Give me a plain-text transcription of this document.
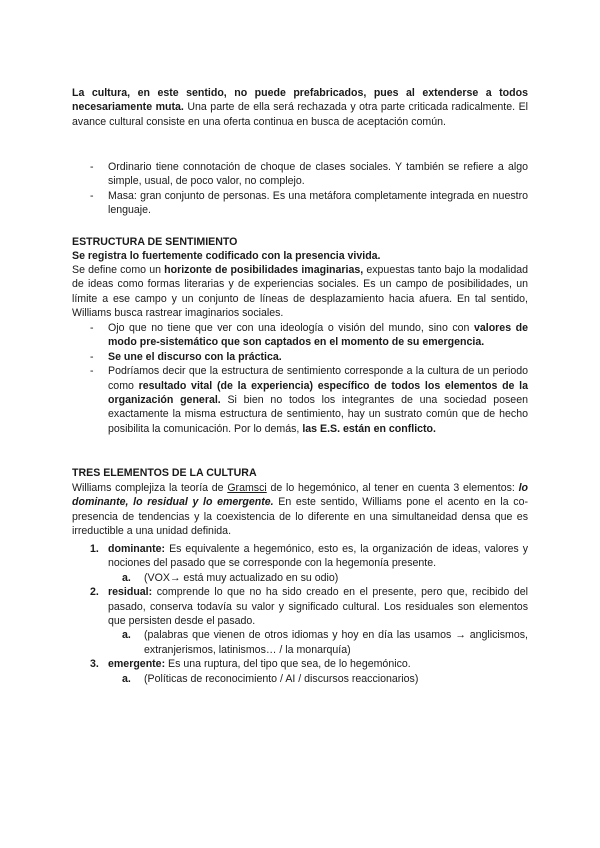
La cultura, en este sentido, no puede prefabricados, pues al extenderse a todos necesariamente muta. Una parte de ella será rechazada y otra parte criticada radicalmente. El avance cultural consiste en una oferta continua en busca de aceptación común.

- Ordinario tiene connotación de choque de clases sociales. Y también se refiere a algo simple, usual, de poco valor, no complejo.
- Masa: gran conjunto de personas. Es una metáfora completamente integrada en nuestro lenguaje.
ESTRUCTURA DE SENTIMIENTO
Se registra lo fuertemente codificado con la presencia vivida.

Se define como un horizonte de posibilidades imaginarias, expuestas tanto bajo la modalidad de ideas como formas literarias y de experiencias sociales. Es un campo de posibilidades, un límite a ese campo y un conjunto de líneas de desplazamiento hacia afuera. En tal sentido, Williams busca rastrear imaginarios sociales.

- Ojo que no tiene que ver con una ideología o visión del mundo, sino con valores de modo pre-sistemático que son captados en el momento de su emergencia.
- Se une el discurso con la práctica.
- Podríamos decir que la estructura de sentimiento corresponde a la cultura de un periodo como resultado vital (de la experiencia) específico de todos los elementos de la organización general. Si bien no todos los integrantes de una sociedad poseen exactamente la misma estructura de sentimiento, hay un sustrato común que de hecho posibilita la comunicación. Por lo demás, las E.S. están en conflicto.
TRES ELEMENTOS DE LA CULTURA

Williams complejiza la teoría de Gramsci de lo hegemónico, al tener en cuenta 3 elementos: lo dominante, lo residual y lo emergente. En este sentido, Williams pone el acento en la co-presencia de tendencias y la coexistencia de lo diferente en una simultaneidad densa que es irreductible a una unidad definida.

1. dominante: Es equivalente a hegemónico, esto es, la organización de ideas, valores y nociones del pasado que se corresponde con la hegemonía presente.
a. (VOX→ está muy actualizado en su odio)
2. residual: comprende lo que no ha sido creado en el presente, pero que, recibido del pasado, conserva todavía su valor y significado cultural. Los residuales son elementos que persisten desde el pasado.
a. (palabras que vienen de otros idiomas y hoy en día las usamos → anglicismos, extranjerismos, latinismos… / la monarquía)
3. emergente: Es una ruptura, del tipo que sea, de lo hegemónico.
a. (Políticas de reconocimiento / AI / discursos reaccionarios)
